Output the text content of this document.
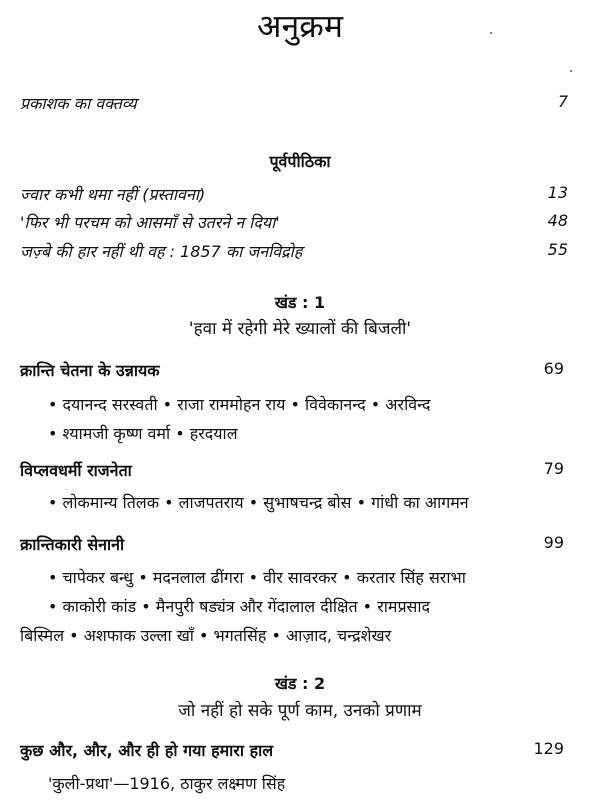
अनुक्रम
प्रकाशक का वक्तव्य	7
पूर्वपीठिका
ज्वार कभी थमा नहीं (प्रस्तावना)	13
'फिर भी परचम को आसमाँ से उतरने न दिया'	48
जज़्बे की हार नहीं थी वह : 1857 का जनविद्रोह	55
खंड : 1
'हवा में रहेगी मेरे ख्यालों की बिजली'
क्रान्ति चेतना के उन्नायक	69
• दयानन्द सरस्वती • राजा राममोहन राय • विवेकानन्द • अरविन्द
• श्यामजी कृष्ण वर्मा • हरदयाल
विप्लवधर्मी राजनेता	79
• लोकमान्य तिलक • लाजपतराय • सुभाषचन्द्र बोस • गांधी का आगमन
क्रान्तिकारी सेनानी	99
• चापेकर बन्धु • मदनलाल ढींगरा • वीर सावरकर • करतार सिंह सराभा
• काकोरी कांड • मैनपुरी षड्यंत्र और गेंदालाल दीक्षित • रामप्रसाद
बिस्मिल • अशफाक उल्ला खाँ • भगतसिंह • आज़ाद, चन्द्रशेखर
खंड : 2
जो नहीं हो सके पूर्ण काम, उनको प्रणाम
कुछ और, और, और ही हो गया हमारा हाल	129
'कुली-प्रथा'—1916, ठाकुर लक्ष्मण सिंह
